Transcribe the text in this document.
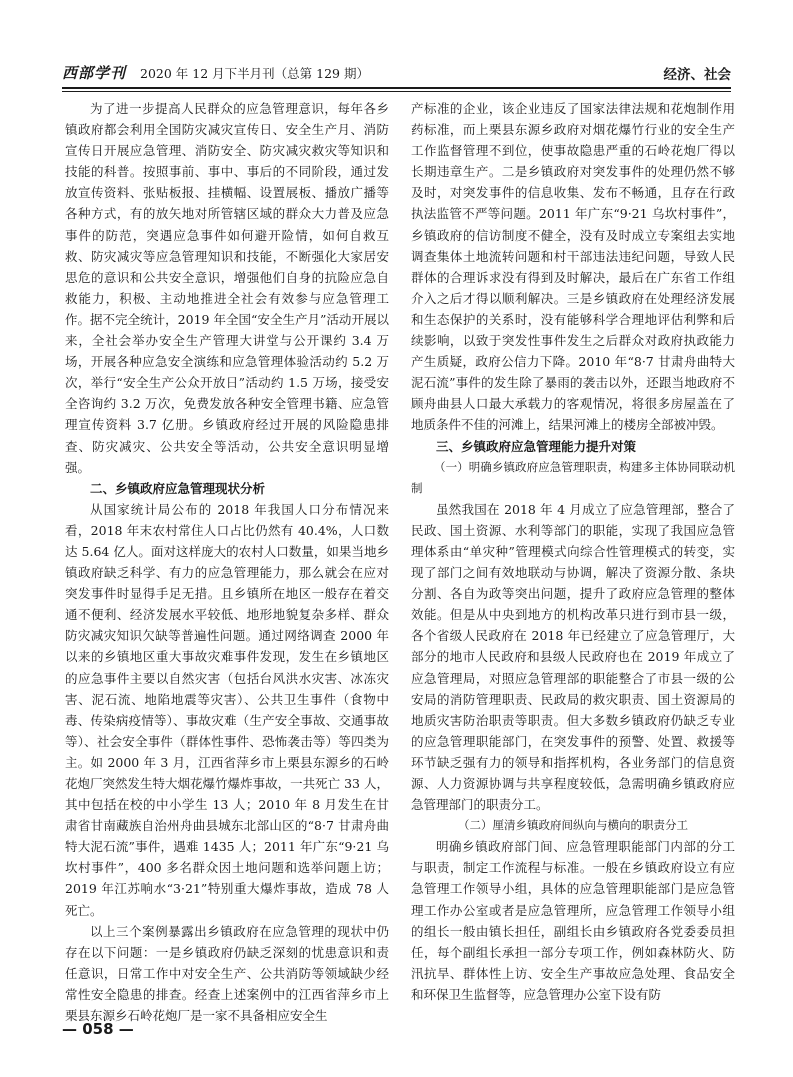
西部学刊 2020 年 12 月下半月刊（总第 129 期）	经济、社会

为了进一步提高人民群众的应急管理意识，每年各乡镇政府都会利用全国防灾减灾宣传日、安全生产月、消防宣传日开展应急管理、消防安全、防灾减灾救灾等知识和技能的科普。按照事前、事中、事后的不同阶段，通过发放宣传资料、张贴板报、挂横幅、设置展板、播放广播等各种方式，有的放矢地对所管辖区域的群众大力普及应急事件的防范，突遇应急事件如何避开险情，如何自救互救、防灾减灾等应急管理知识和技能，不断强化大家居安思危的意识和公共安全意识，增强他们自身的抗险应急自救能力，积极、主动地推进全社会有效参与应急管理工作。据不完全统计，2019 年全国“安全生产月”活动开展以来，全社会举办安全生产管理大讲堂与公开课约 3.4 万场，开展各种应急安全演练和应急管理体验活动约 5.2 万次，举行“安全生产公众开放日”活动约 1.5 万场，接受安全咨询约 3.2 万次，免费发放各种安全管理书籍、应急管理宣传资料 3.7 亿册。乡镇政府经过开展的风险隐患排查、防灾减灾、公共安全等活动，公共安全意识明显增强。

二、乡镇政府应急管理现状分析

从国家统计局公布的 2018 年我国人口分布情况来看，2018 年末农村常住人口占比仍然有 40.4%，人口数达 5.64 亿人。面对这样庞大的农村人口数量，如果当地乡镇政府缺乏科学、有力的应急管理能力，那么就会在应对突发事件时显得手足无措。且乡镇所在地区一般存在着交通不便利、经济发展水平较低、地形地貌复杂多样、群众防灾减灾知识欠缺等普遍性问题。通过网络调查 2000 年以来的乡镇地区重大事故灾难事件发现，发生在乡镇地区的应急事件主要以自然灾害（包括台风洪水灾害、冰冻灾害、泥石流、地陷地震等灾害）、公共卫生事件（食物中毒、传染病疫情等）、事故灾难（生产安全事故、交通事故等）、社会安全事件（群体性事件、恐怖袭击等）等四类为主。如 2000 年 3 月，江西省萍乡市上栗县东源乡的石岭花炮厂突然发生特大烟花爆竹爆炸事故，一共死亡 33 人，其中包括在校的中小学生 13 人；2010 年 8 月发生在甘肃省甘南藏族自治州舟曲县城东北部山区的“8·7 甘肃舟曲特大泥石流”事件，遇难 1435 人；2011 年广东“9·21 乌坎村事件”，400 多名群众因土地问题和选举问题上访；2019 年江苏响水“3·21”特别重大爆炸事故，造成 78 人死亡。

以上三个案例暴露出乡镇政府在应急管理的现状中仍存在以下问题：一是乡镇政府仍缺乏深刻的忧患意识和责任意识，日常工作中对安全生产、公共消防等领域缺少经常性安全隐患的排查。经查上述案例中的江西省萍乡市上栗县东源乡石岭花炮厂是一家不具备相应安全生

产标准的企业，该企业违反了国家法律法规和花炮制作用药标准，而上栗县东源乡政府对烟花爆竹行业的安全生产工作监督管理不到位，使事故隐患严重的石岭花炮厂得以长期违章生产。二是乡镇政府对突发事件的处理仍然不够及时，对突发事件的信息收集、发布不畅通，且存在行政执法监管不严等问题。2011 年广东“9·21 乌坎村事件”，乡镇政府的信访制度不健全，没有及时成立专案组去实地调查集体土地流转问题和村干部违法违纪问题，导致人民群体的合理诉求没有得到及时解决，最后在广东省工作组介入之后才得以顺利解决。三是乡镇政府在处理经济发展和生态保护的关系时，没有能够科学合理地评估利弊和后续影响，以致于突发性事件发生之后群众对政府执政能力产生质疑，政府公信力下降。2010 年“8·7 甘肃舟曲特大泥石流”事件的发生除了暴雨的袭击以外，还跟当地政府不顾舟曲县人口最大承载力的客观情况，将很多房屋盖在了地质条件不佳的河滩上，结果河滩上的楼房全部被冲毁。

三、乡镇政府应急管理能力提升对策

（一）明确乡镇政府应急管理职责，构建多主体协同联动机制

虽然我国在 2018 年 4 月成立了应急管理部，整合了民政、国土资源、水利等部门的职能，实现了我国应急管理体系由“单灾种”管理模式向综合性管理模式的转变，实现了部门之间有效地联动与协调，解决了资源分散、条块分割、各自为政等突出问题，提升了政府应急管理的整体效能。但是从中央到地方的机构改革只进行到市县一级，各个省级人民政府在 2018 年已经建立了应急管理厅，大部分的地市人民政府和县级人民政府也在 2019 年成立了应急管理局，对照应急管理部的职能整合了市县一级的公安局的消防管理职责、民政局的救灾职责、国土资源局的地质灾害防治职责等职责。但大多数乡镇政府仍缺乏专业的应急管理职能部门，在突发事件的预警、处置、救援等环节缺乏强有力的领导和指挥机构，各业务部门的信息资源、人力资源协调与共享程度较低，急需明确乡镇政府应急管理部门的职责分工。

（二）厘清乡镇政府间纵向与横向的职责分工

明确乡镇政府部门间、应急管理职能部门内部的分工与职责，制定工作流程与标准。一般在乡镇政府设立有应急管理工作领导小组，具体的应急管理职能部门是应急管理工作办公室或者是应急管理所，应急管理工作领导小组的组长一般由镇长担任，副组长由乡镇政府各党委委员担任，每个副组长承担一部分专项工作，例如森林防火、防汛抗旱、群体性上访、安全生产事故应急处理、食品安全和环保卫生监督等，应急管理办公室下设有防

— 058 —
